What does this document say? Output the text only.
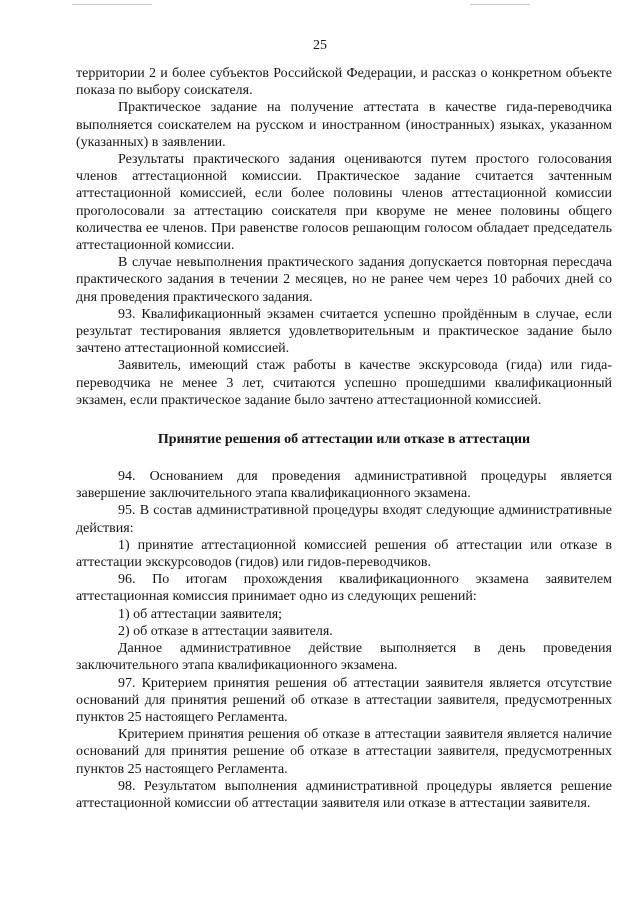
25

территории 2 и более субъектов Российской Федерации, и рассказ о конкретном объекте показа по выбору соискателя.

Практическое задание на получение аттестата в качестве гида-переводчика выполняется соискателем на русском и иностранном (иностранных) языках, указанном (указанных) в заявлении.

Результаты практического задания оцениваются путем простого голосования членов аттестационной комиссии. Практическое задание считается зачтенным аттестационной комиссией, если более половины членов аттестационной комиссии проголосовали за аттестацию соискателя при кворуме не менее половины общего количества ее членов. При равенстве голосов решающим голосом обладает председатель аттестационной комиссии.

В случае невыполнения практического задания допускается повторная пересдача практического задания в течении 2 месяцев, но не ранее чем через 10 рабочих дней со дня проведения практического задания.

93. Квалификационный экзамен считается успешно пройдённым в случае, если результат тестирования является удовлетворительным и практическое задание было зачтено аттестационной комиссией.

Заявитель, имеющий стаж работы в качестве экскурсовода (гида) или гида-переводчика не менее 3 лет, считаются успешно прошедшими квалификационный экзамен, если практическое задание было зачтено аттестационной комиссией.

Принятие решения об аттестации или отказе в аттестации

94. Основанием для проведения административной процедуры является завершение заключительного этапа квалификационного экзамена.

95. В состав административной процедуры входят следующие административные действия:

1) принятие аттестационной комиссией решения об аттестации или отказе в аттестации экскурсоводов (гидов) или гидов-переводчиков.

96. По итогам прохождения квалификационного экзамена заявителем аттестационная комиссия принимает одно из следующих решений:

1) об аттестации заявителя;

2) об отказе в аттестации заявителя.

Данное административное действие выполняется в день проведения заключительного этапа квалификационного экзамена.

97. Критерием принятия решения об аттестации заявителя является отсутствие оснований для принятия решений об отказе в аттестации заявителя, предусмотренных пунктов 25 настоящего Регламента.

Критерием принятия решения об отказе в аттестации заявителя является наличие оснований для принятия решение об отказе в аттестации заявителя, предусмотренных пунктов 25 настоящего Регламента.

98. Результатом выполнения административной процедуры является решение аттестационной комиссии об аттестации заявителя или отказе в аттестации заявителя.
